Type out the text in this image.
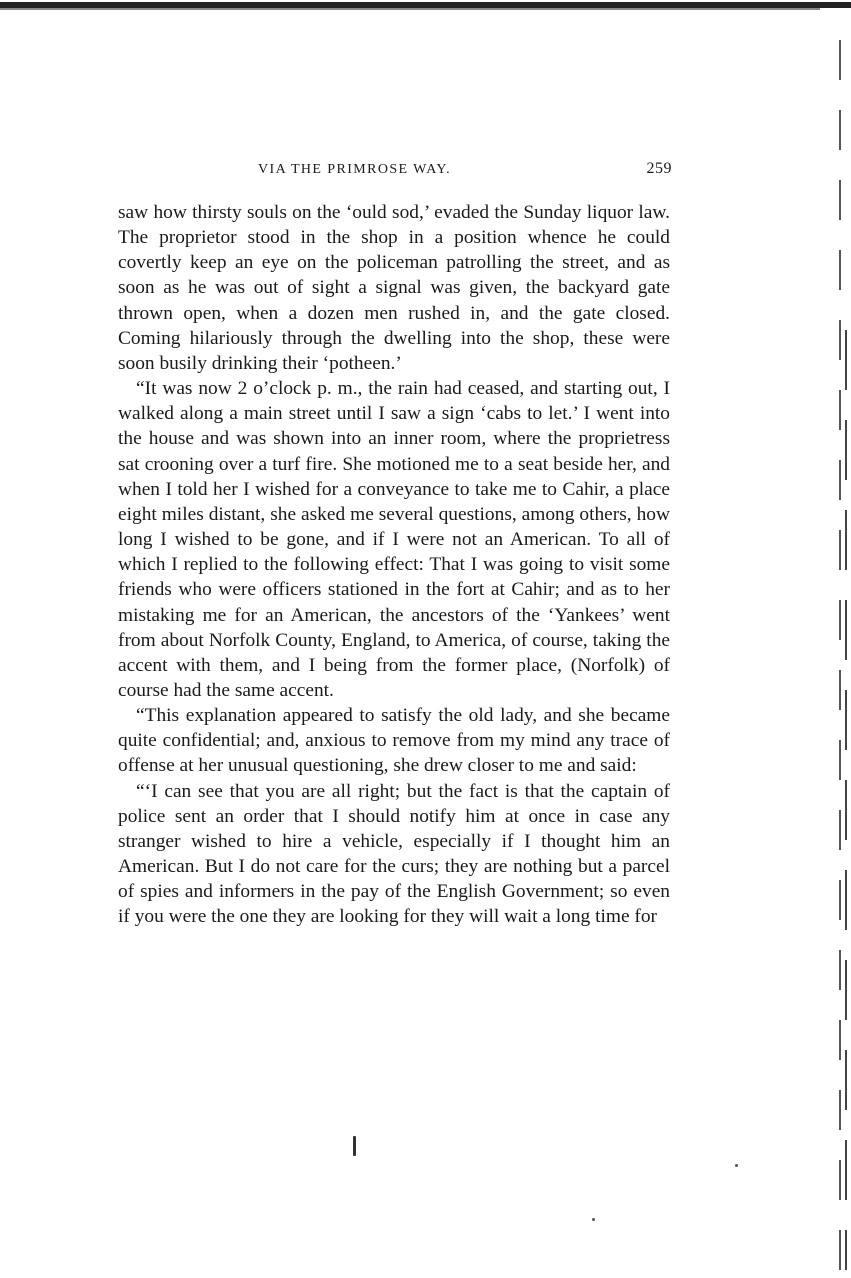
VIA THE PRIMROSE WAY.	259

saw how thirsty souls on the ‘ould sod,’ evaded the Sunday liquor law. The proprietor stood in the shop in a position whence he could covertly keep an eye on the policeman patrolling the street, and as soon as he was out of sight a signal was given, the backyard gate thrown open, when a dozen men rushed in, and the gate closed. Coming hilariously through the dwelling into the shop, these were soon busily drinking their ‘potheen.’

“It was now 2 o’clock p. m., the rain had ceased, and starting out, I walked along a main street until I saw a sign ‘cabs to let.’ I went into the house and was shown into an inner room, where the proprietress sat crooning over a turf fire. She motioned me to a seat beside her, and when I told her I wished for a conveyance to take me to Cahir, a place eight miles distant, she asked me several questions, among others, how long I wished to be gone, and if I were not an American. To all of which I replied to the following effect: That I was going to visit some friends who were officers stationed in the fort at Cahir; and as to her mistaking me for an American, the ancestors of the ‘Yankees’ went from about Norfolk County, England, to America, of course, taking the accent with them, and I being from the former place, (Norfolk) of course had the same accent.

“This explanation appeared to satisfy the old lady, and she became quite confidential; and, anxious to remove from my mind any trace of offense at her unusual questioning, she drew closer to me and said:

“‘I can see that you are all right; but the fact is that the captain of police sent an order that I should notify him at once in case any stranger wished to hire a vehicle, especially if I thought him an American. But I do not care for the curs; they are nothing but a parcel of spies and informers in the pay of the English Government; so even if you were the one they are looking for they will wait a long time for
